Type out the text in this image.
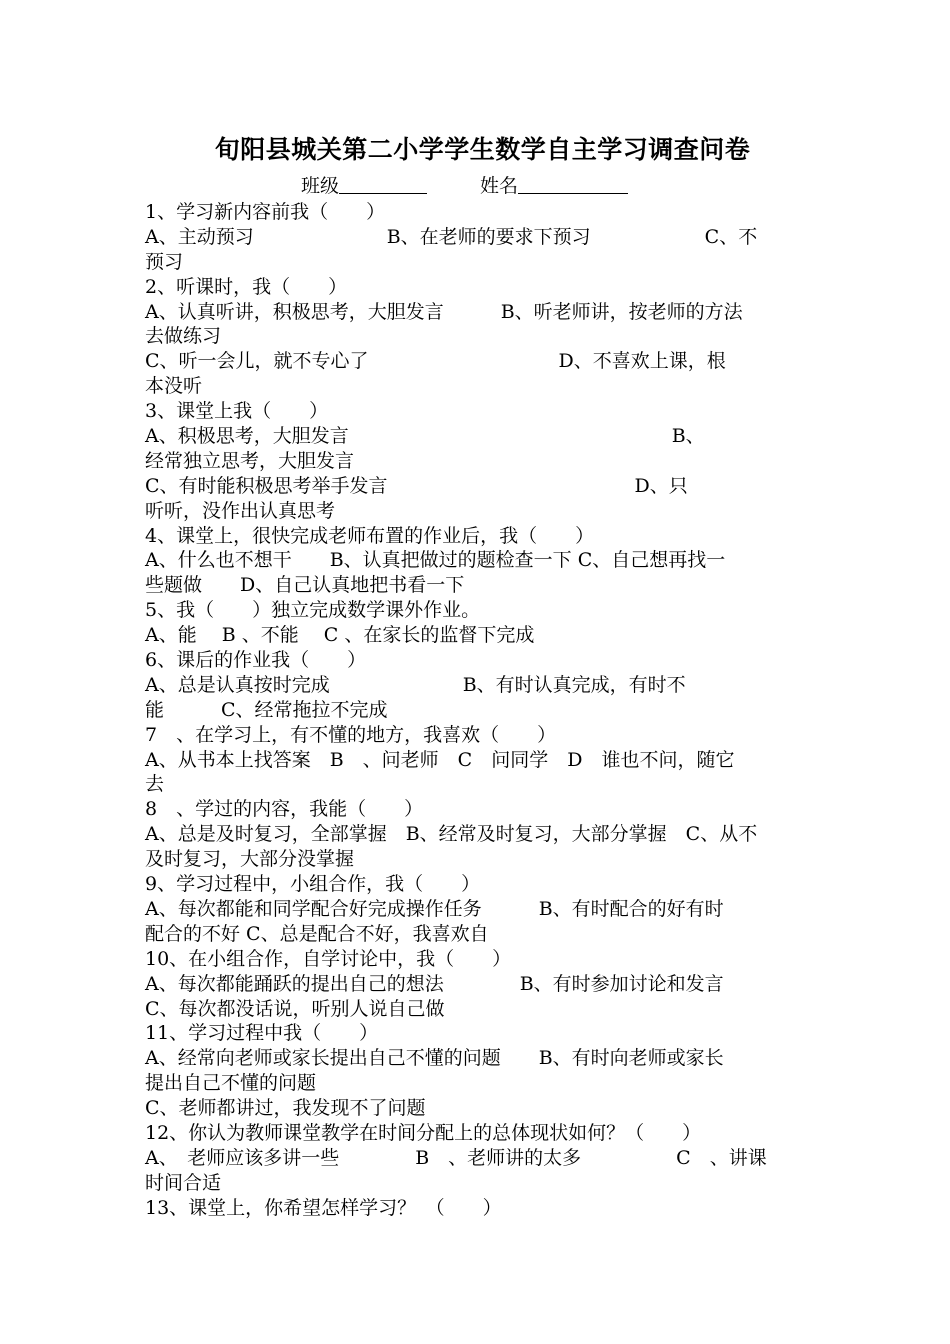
旬阳县城关第二小学学生数学自主学习调查问卷
班级	姓名
1、学习新内容前我（　　）
A、主动预习　　　　　　　B、在老师的要求下预习　　　　　　C、不
预习
2、听课时，我（　　）
A、认真听讲，积极思考，大胆发言　　　B、听老师讲，按老师的方法
去做练习
C、听一会儿，就不专心了　　　　　　　　　　D、不喜欢上课，根
本没听
3、课堂上我（　　）
A、积极思考，大胆发言　　　　　　　　　　　　　　　　　B、
经常独立思考，大胆发言
C、有时能积极思考举手发言　　　　　　　　　　　　　D、只
听听，没作出认真思考
4、课堂上，很快完成老师布置的作业后，我（　　）
A、什么也不想干　　B、认真把做过的题检查一下 C、自己想再找一
些题做　　D、自己认真地把书看一下
5、我（　　）独立完成数学课外作业。
A、能　 B 、不能　 C 、在家长的监督下完成
6、课后的作业我（　　）
A、总是认真按时完成　　　　　　　B、有时认真完成，有时不
能　　　C、经常拖拉不完成
7　、在学习上，有不懂的地方，我喜欢（　　）
A、从书本上找答案　B　、问老师　C　问同学　D　谁也不问，随它
去
8　、学过的内容，我能（　　）
A、总是及时复习，全部掌握　B、经常及时复习，大部分掌握　C、从不
及时复习，大部分没掌握
9、学习过程中，小组合作，我（　　）
A、每次都能和同学配合好完成操作任务　　　B、有时配合的好有时
配合的不好 C、总是配合不好，我喜欢自
10、在小组合作，自学讨论中，我（　　）
A、每次都能踊跃的提出自己的想法　　　　B、有时参加讨论和发言
C、每次都没话说，听别人说自己做
11、学习过程中我（　　）
A、经常向老师或家长提出自己不懂的问题　　B、有时向老师或家长
提出自己不懂的问题
C、老师都讲过，我发现不了问题
12、你认为教师课堂教学在时间分配上的总体现状如何？（　　）
A、　老师应该多讲一些　　　　B　、老师讲的太多　　　　　C　、讲课
时间合适
13、课堂上，你希望怎样学习？　（　　）
